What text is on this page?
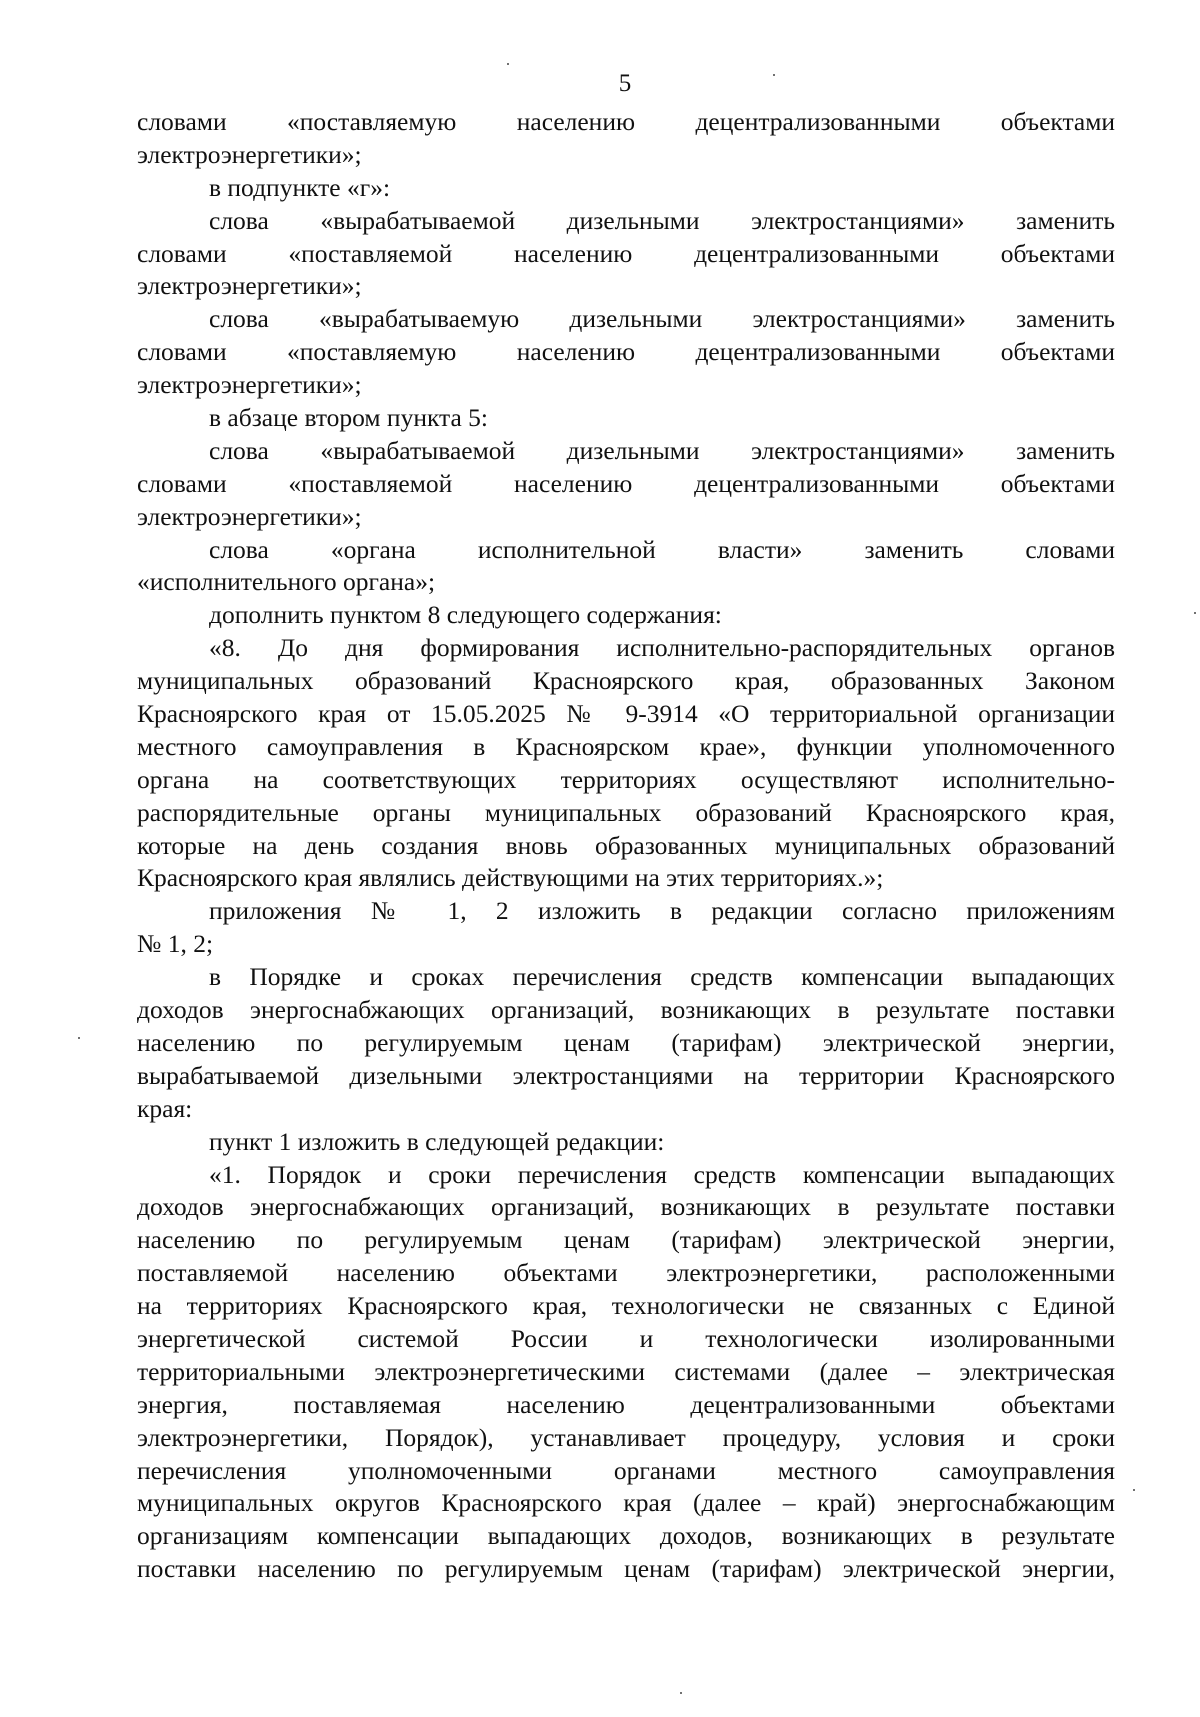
5
словами «поставляемую населению децентрализованными объектами
электроэнергетики»;
в подпункте «г»:
слова «вырабатываемой дизельными электростанциями» заменить
словами «поставляемой населению децентрализованными объектами
электроэнергетики»;
слова «вырабатываемую дизельными электростанциями» заменить
словами «поставляемую населению децентрализованными объектами
электроэнергетики»;
в абзаце втором пункта 5:
слова «вырабатываемой дизельными электростанциями» заменить
словами «поставляемой населению децентрализованными объектами
электроэнергетики»;
слова «органа исполнительной власти» заменить словами
«исполнительного органа»;
дополнить пунктом 8 следующего содержания:
«8. До дня формирования исполнительно-распорядительных органов
муниципальных образований Красноярского края, образованных Законом
Красноярского края от 15.05.2025 № 9-3914 «О территориальной организации
местного самоуправления в Красноярском крае», функции уполномоченного
органа на соответствующих территориях осуществляют исполнительно-
распорядительные органы муниципальных образований Красноярского края,
которые на день создания вновь образованных муниципальных образований
Красноярского края являлись действующими на этих территориях.»;
приложения № 1, 2 изложить в редакции согласно приложениям
№ 1, 2;
в Порядке и сроках перечисления средств компенсации выпадающих
доходов энергоснабжающих организаций, возникающих в результате поставки
населению по регулируемым ценам (тарифам) электрической энергии,
вырабатываемой дизельными электростанциями на территории Красноярского
края:
пункт 1 изложить в следующей редакции:
«1. Порядок и сроки перечисления средств компенсации выпадающих
доходов энергоснабжающих организаций, возникающих в результате поставки
населению по регулируемым ценам (тарифам) электрической энергии,
поставляемой населению объектами электроэнергетики, расположенными
на территориях Красноярского края, технологически не связанных с Единой
энергетической системой России и технологически изолированными
территориальными электроэнергетическими системами (далее – электрическая
энергия, поставляемая населению децентрализованными объектами
электроэнергетики, Порядок), устанавливает процедуру, условия и сроки
перечисления уполномоченными органами местного самоуправления
муниципальных округов Красноярского края (далее – край) энергоснабжающим
организациям компенсации выпадающих доходов, возникающих в результате
поставки населению по регулируемым ценам (тарифам) электрической энергии,
